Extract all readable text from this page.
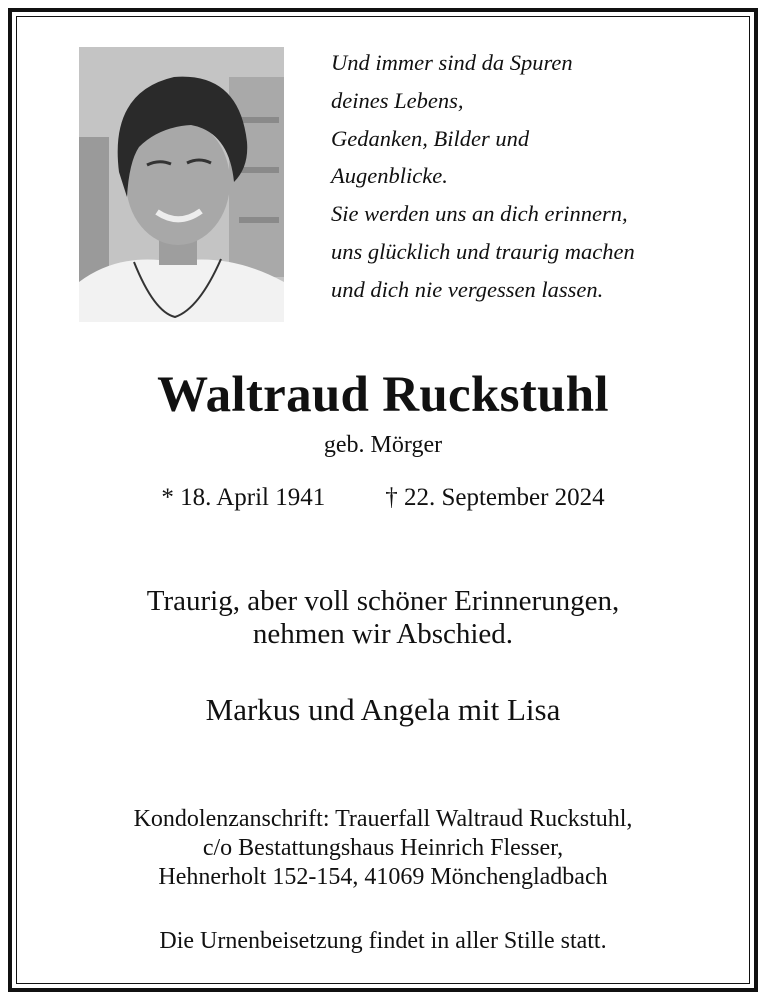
Und immer sind da Spuren
deines Lebens,
Gedanken, Bilder und
Augenblicke.
Sie werden uns an dich erinnern,
uns glücklich und traurig machen
und dich nie vergessen lassen.
Waltraud Ruckstuhl
geb. Mörger
* 18. April 1941 † 22. September 2024
Traurig, aber voll schöner Erinnerungen,
nehmen wir Abschied.
Markus und Angela mit Lisa
Kondolenzanschrift: Trauerfall Waltraud Ruckstuhl,
c/o Bestattungshaus Heinrich Flesser,
Hehnerholt 152-154, 41069 Mönchengladbach
Die Urnenbeisetzung findet in aller Stille statt.
